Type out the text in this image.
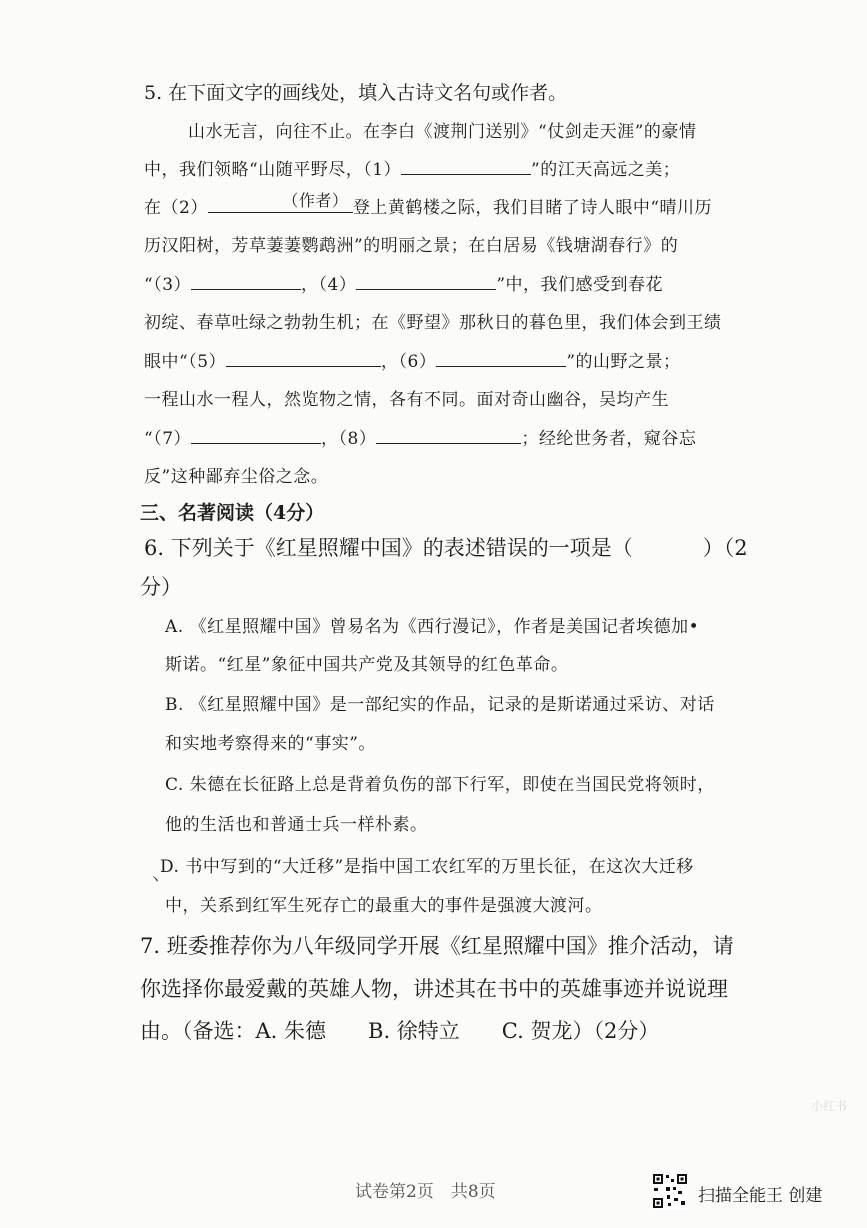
5. 在下面文字的画线处，填入古诗文名句或作者。
山水无言，向往不止。在李白《渡荆门送别》“仗剑走天涯”的豪情
中，我们领略“山随平野尽，（1）	”的江天高远之美；
在（2）	（作者） 登上黄鹤楼之际，我们目睹了诗人眼中“晴川历
历汉阳树，芳草萋萋鹦鹉洲”的明丽之景；在白居易《钱塘湖春行》的
“（3）	，（4）	”中，我们感受到春花
初绽、春草吐绿之勃勃生机；在《野望》那秋日的暮色里，我们体会到王绩
眼中“（5）	，（6）	”的山野之景；
一程山水一程人，然览物之情，各有不同。面对奇山幽谷，吴均产生
“（7）	，（8）	；经纶世务者，窥谷忘
反”这种鄙弃尘俗之念。
三、名著阅读（4分）
6. 下列关于《红星照耀中国》的表述错误的一项是（	）（2
分）
A. 《红星照耀中国》曾易名为《西行漫记》，作者是美国记者埃德加•
斯诺。“红星”象征中国共产党及其领导的红色革命。
B. 《红星照耀中国》是一部纪实的作品，记录的是斯诺通过采访、对话
和实地考察得来的“事实”。
C. 朱德在长征路上总是背着负伤的部下行军，即使在当国民党将领时，
他的生活也和普通士兵一样朴素。
丶
D. 书中写到的“大迁移”是指中国工农红军的万里长征，在这次大迁移
中，关系到红军生死存亡的最重大的事件是强渡大渡河。
7. 班委推荐你为八年级同学开展《红星照耀中国》推介活动，请
你选择你最爱戴的英雄人物，讲述其在书中的英雄事迹并说说理
由。（备选：A. 朱德　　B. 徐特立　　C. 贺龙）（2分）
小红书
试卷第2页　共8页	扫描全能王 创建
